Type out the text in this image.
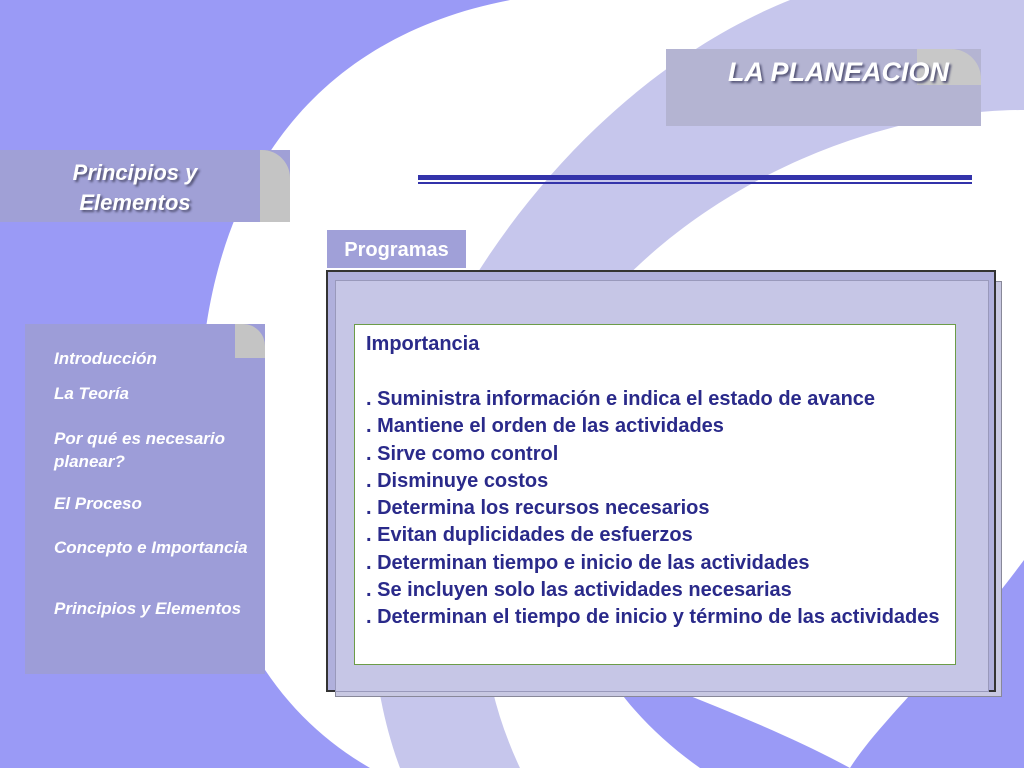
LA PLANEACION
Principios y
Elementos
Introducción
La Teoría
Por qué es necesario planear?
El Proceso
Concepto e Importancia
Principios y Elementos
Programas
Importancia
. Suministra información e indica el estado de avance
. Mantiene el orden de las actividades
. Sirve como control
. Disminuye costos
. Determina los recursos necesarios
. Evitan duplicidades de esfuerzos
. Determinan tiempo e inicio de las actividades
. Se incluyen solo las actividades necesarias
. Determinan el tiempo de inicio y término de las actividades
